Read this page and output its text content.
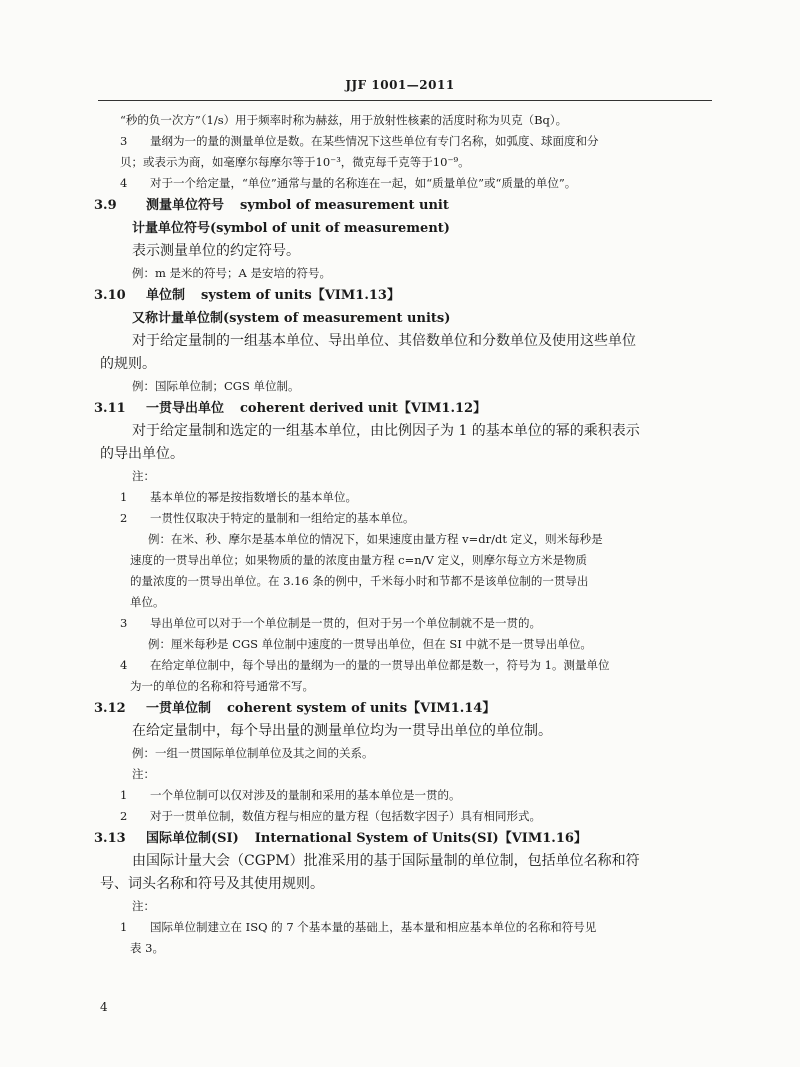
JJF 1001—2011
“秒的负一次方”（1/s）用于频率时称为赫兹，用于放射性核素的活度时称为贝克（Bq）。
3 量纲为一的量的测量单位是数。在某些情况下这些单位有专门名称，如弧度、球面度和分
贝；或表示为商，如毫摩尔每摩尔等于10⁻³，微克每千克等于10⁻⁹。
4 对于一个给定量，“单位”通常与量的名称连在一起，如“质量单位”或“质量的单位”。
3.9 测量单位符号 symbol of measurement unit
计量单位符号(symbol of unit of measurement)
表示测量单位的约定符号。
例：m 是米的符号；A 是安培的符号。
3.10 单位制 system of units【VIM1.13】
又称计量单位制(system of measurement units)
对于给定量制的一组基本单位、导出单位、其倍数单位和分数单位及使用这些单位
的规则。
例：国际单位制；CGS 单位制。
3.11 一贯导出单位 coherent derived unit【VIM1.12】
对于给定量制和选定的一组基本单位，由比例因子为 1 的基本单位的幂的乘积表示
的导出单位。
注：
1 基本单位的幂是按指数增长的基本单位。
2 一贯性仅取决于特定的量制和一组给定的基本单位。
例：在米、秒、摩尔是基本单位的情况下，如果速度由量方程 v=dr/dt 定义，则米每秒是
速度的一贯导出单位；如果物质的量的浓度由量方程 c=n/V 定义，则摩尔每立方米是物质
的量浓度的一贯导出单位。在 3.16 条的例中，千米每小时和节都不是该单位制的一贯导出
单位。
3 导出单位可以对于一个单位制是一贯的，但对于另一个单位制就不是一贯的。
例：厘米每秒是 CGS 单位制中速度的一贯导出单位，但在 SI 中就不是一贯导出单位。
4 在给定单位制中，每个导出的量纲为一的量的一贯导出单位都是数一，符号为 1。测量单位
为一的单位的名称和符号通常不写。
3.12 一贯单位制 coherent system of units【VIM1.14】
在给定量制中，每个导出量的测量单位均为一贯导出单位的单位制。
例：一组一贯国际单位制单位及其之间的关系。
注：
1 一个单位制可以仅对涉及的量制和采用的基本单位是一贯的。
2 对于一贯单位制，数值方程与相应的量方程（包括数字因子）具有相同形式。
3.13 国际单位制(SI) International System of Units(SI)【VIM1.16】
由国际计量大会（CGPM）批准采用的基于国际量制的单位制，包括单位名称和符
号、词头名称和符号及其使用规则。
注：
1 国际单位制建立在 ISQ 的 7 个基本量的基础上，基本量和相应基本单位的名称和符号见
表 3。
4
